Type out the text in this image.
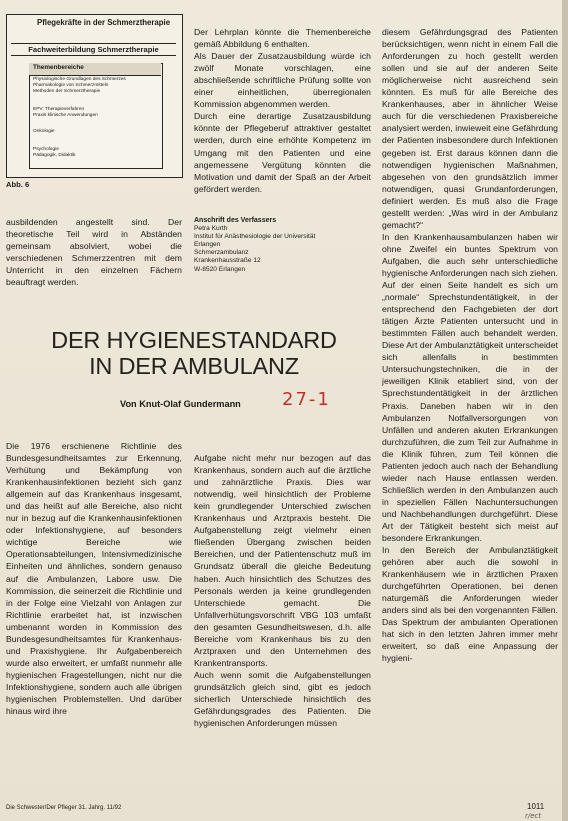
Pflegekräfte in der Schmerztherapie
Fachweiterbildung Schmerztherapie
Themenbereiche
Physiologische Grundlagen des Schmerzes
Pharmakologie von Schmerzmitteln
Methoden der Schmerztherapie
EPV: Therapieverfahren
Praxis klinische Anwendungen
Onkologie
Psychologie
Pädagogik, Didaktik
Abb. 6

ausbildenden angestellt sind. Der theoretische Teil wird in Abständen gemeinsam absolviert, wobei die verschiedenen Schmerzzentren mit dem Unterricht in den einzelnen Fächern beauftragt werden.

Der Lehrplan könnte die Themenbereiche gemäß Abbildung 6 enthalten.
Als Dauer der Zusatzausbildung würde ich zwölf Monate vorschlagen, eine abschließende schriftliche Prüfung sollte von einer einheitlichen, überregionalen Kommission abgenommen werden.
Durch eine derartige Zusatzausbildung könnte der Pflegeberuf attraktiver gestaltet werden, durch eine erhöhte Kompetenz im Umgang mit den Patienten und eine angemessene Vergütung könnten die Motivation und damit der Spaß an der Arbeit gefördert werden.

Anschrift des Verfassers
Petra Kurth
Institut für Anästhesiologie der Universität
Erlangen
Schmerzambulanz
Krankenhausstraße 12
W-8520 Erlangen
DER HYGIENESTANDARD
IN DER AMBULANZ
Von Knut-Olaf Gundermann 27-1

Die 1976 erschienene Richtlinie des Bundesgesundheitsamtes zur Erkennung, Verhütung und Bekämpfung von Krankenhausinfektionen bezieht sich ganz allgemein auf das Krankenhaus insgesamt, und das heißt auf alle Bereiche, also nicht nur in bezug auf die Krankenhausinfektionen oder Infektionshygiene, auf besonders wichtige Bereiche wie Operationsabteilungen, Intensivmedizinische Einheiten und ähnliches, sondern genauso auf die Ambulanzen, Labore usw. Die Kommission, die seinerzeit die Richtlinie und in der Folge eine Vielzahl von Anlagen zur Richtlinie erarbeitet hat, ist inzwischen umbenannt worden in Kommission des Bundesgesundheitsamtes für Krankenhaus- und Praxishygiene. Ihr Aufgabenbereich wurde also erweitert, er umfaßt nunmehr alle hygienischen Fragestellungen, nicht nur die Infektionshygiene, sondern auch alle übrigen hygienischen Problemstellen. Und darüber hinaus wird ihre

Aufgabe nicht mehr nur bezogen auf das Krankenhaus, sondern auch auf die ärztliche und zahnärztliche Praxis. Dies war notwendig, weil hinsichtlich der Probleme kein grundlegender Unterschied zwischen Krankenhaus und Arztpraxis besteht. Die Aufgabenstellung zeigt vielmehr einen fließenden Übergang zwischen beiden Bereichen, und der Patientenschutz muß im Grundsatz überall die gleiche Bedeutung haben. Auch hinsichtlich des Schutzes des Personals werden ja keine grundlegenden Unterschiede gemacht. Die Unfallverhütungsvorschrift VBG 103 umfaßt den gesamten Gesundheitswesen, d.h. alle Bereiche vom Krankenhaus bis zu den Arztpraxen und den Unternehmen des Krankentransports.
Auch wenn somit die Aufgabenstellungen grundsätzlich gleich sind, gibt es jedoch sicherlich Unterschiede hinsichtlich des Gefährdungsgrades des Patienten. Die hygienischen Anforderungen müssen

diesem Gefährdungsgrad des Patienten berücksichtigen, wenn nicht in einem Fall die Anforderungen zu hoch gestellt werden sollen und sie auf der anderen Seite möglicherweise nicht ausreichend sein könnten. Es muß für alle Bereiche des Krankenhauses, aber in ähnlicher Weise auch für die verschiedenen Praxisbereiche analysiert werden, inwieweit eine Gefährdung der Patienten insbesondere durch Infektionen gegeben ist. Erst daraus können dann die notwendigen hygienischen Maßnahmen, abgesehen von den grundsätzlich immer notwendigen, quasi Grundanforderungen, definiert werden. Es muß also die Frage gestellt werden: „Was wird in der Ambulanz gemacht?“
In den Krankenhausambulanzen haben wir ohne Zweifel ein buntes Spektrum von Aufgaben, die auch sehr unterschiedliche hygienische Anforderungen nach sich ziehen. Auf der einen Seite handelt es sich um „normale“ Sprechstundentätigkeit, in der entsprechend den Fachgebieten der dort tätigen Ärzte Patienten untersucht und in bestimmten Fällen auch behandelt werden. Diese Art der Ambulanztätigkeit unterscheidet sich allenfalls in bestimmten Untersuchungstechniken, die in der jeweiligen Klinik etabliert sind, von der Sprechstundentätigkeit in der ärztlichen Praxis. Daneben haben wir in den Ambulanzen Notfallversorgungen von Unfällen und anderen akuten Erkrankungen durchzuführen, die zum Teil zur Aufnahme in die Klinik führen, zum Teil können die Patienten jedoch auch nach der Behandlung wieder nach Hause entlassen werden. Schließlich werden in den Ambulanzen auch in speziellen Fällen Nachuntersuchungen und Nachbehandlungen durchgeführt. Diese Art der Tätigkeit besteht sich meist auf besondere Erkrankungen.
In den Bereich der Ambulanztätigkeit gehören aber auch die sowohl in Krankenhäusern wie in ärztlichen Praxen durchgeführten Operationen, bei denen naturgemäß die Anforderungen wieder anders sind als bei den vorgenannten Fällen. Das Spektrum der ambulanten Operationen hat sich in den letzten Jahren immer mehr erweitert, so daß eine Anpassung der hygieni-

Die Schwester/Der Pfleger 31. Jahrg. 11/92	1011
r/ect
